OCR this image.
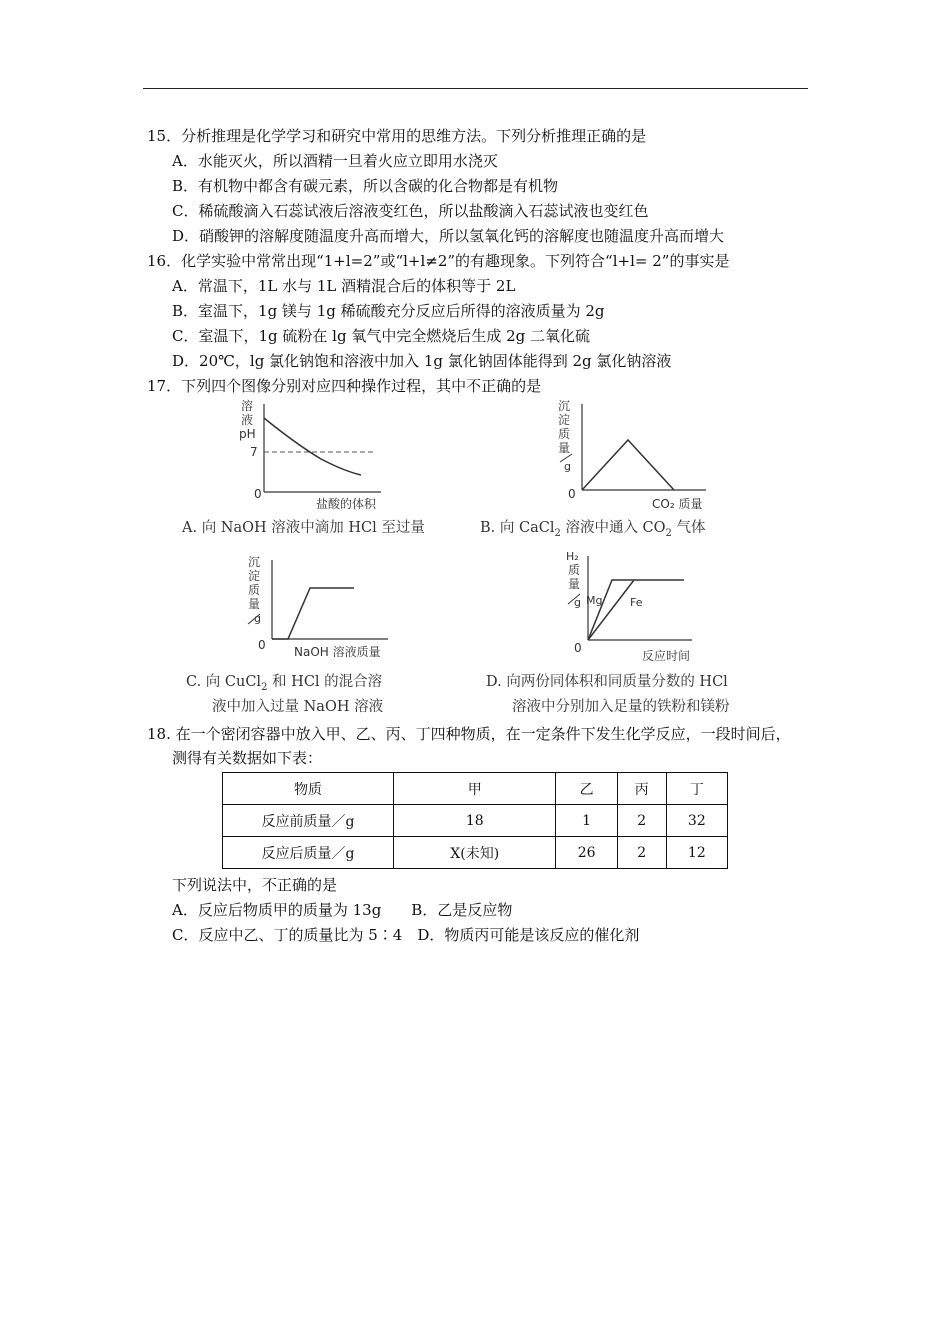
15．分析推理是化学学习和研究中常用的思维方法。下列分析推理正确的是
A．水能灭火，所以酒精一旦着火应立即用水浇灭
B．有机物中都含有碳元素，所以含碳的化合物都是有机物
C．稀硫酸滴入石蕊试液后溶液变红色，所以盐酸滴入石蕊试液也变红色
D．硝酸钾的溶解度随温度升高而增大，所以氢氧化钙的溶解度也随温度升高而增大
16．化学实验中常常出现“1+l=2”或“l+l≠2”的有趣现象。下列符合“l+l= 2”的事实是
A．常温下，1L 水与 1L 酒精混合后的体积等于 2L
B．室温下，1g 镁与 1g 稀硫酸充分反应后所得的溶液质量为 2g
C．室温下，1g 硫粉在 lg 氧气中完全燃烧后生成 2g 二氧化硫
D．20℃，lg 氯化钠饱和溶液中加入 1g 氯化钠固体能得到 2g 氯化钠溶液
17．下列四个图像分别对应四种操作过程，其中不正确的是
溶
液
pH
7
0
盐酸的体积
A. 向 NaOH 溶液中滴加 HCl 至过量
沉
淀
质
量
g
0
CO₂ 质量
B. 向 CaCl$_2$ 溶液中通入 $CO_2$ 气体
沉
淀
质
量
g
0 NaOH 溶液质量
C. 向 CuCl$_2$ 和 HCl 的混合溶
液中加入过量 NaOH 溶液
H₂
质
量
g Mg	Fe
0
反应时间
D. 向两份同体积和同质量分数的 HCl
溶液中分别加入足量的铁粉和镁粉
18. 在一个密闭容器中放入甲、乙、丙、丁四种物质，在一定条件下发生化学反应，一段时间后，
测得有关数据如下表：
物质	甲	乙	丙	丁
反应前质量／g	18	1	2	32
反应后质量／g	X(未知)	26	2	12
下列说法中，不正确的是
A．反应后物质甲的质量为 13g　　B．乙是反应物
C．反应中乙、丁的质量比为 5∶4　D．物质丙可能是该反应的催化剂
